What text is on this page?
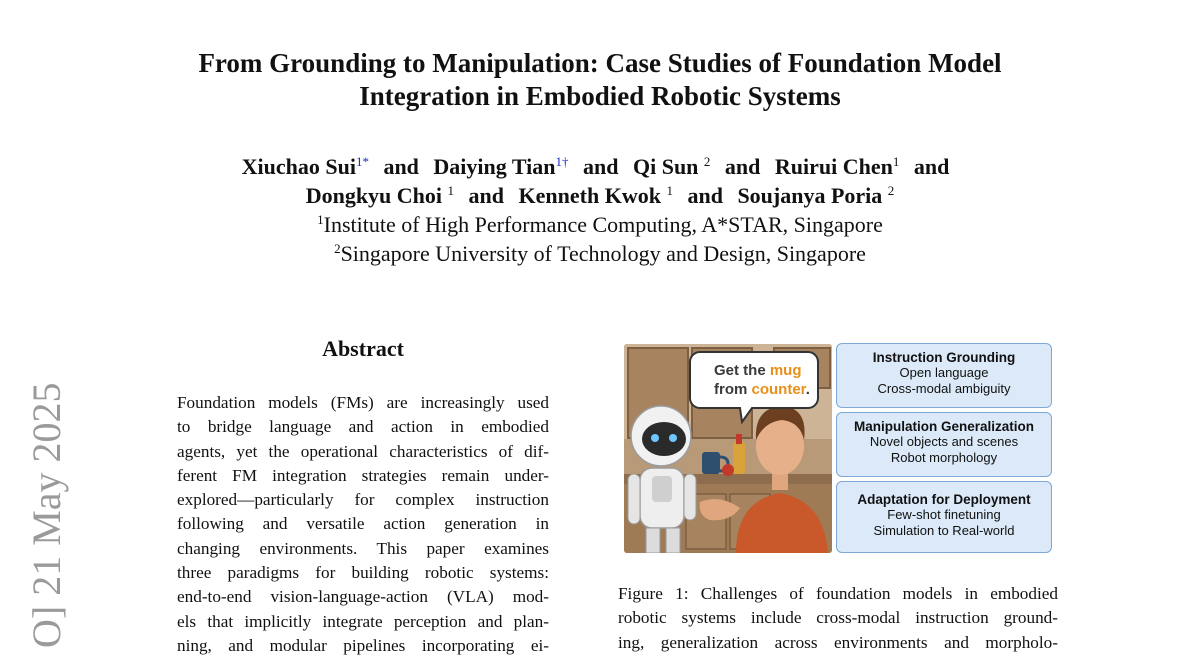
From Grounding to Manipulation: Case Studies of Foundation Model
Integration in Embodied Robotic Systems
Xiuchao Sui$^{1*}$ and Daiying Tian$^{1\dagger}$ and Qi Sun $^2$ and Ruirui Chen$^1$ and
Dongkyu Choi $^1$ and Kenneth Kwok $^1$ and Soujanya Poria $^2$
$^1$Institute of High Performance Computing, A*STAR, Singapore
$^2$Singapore University of Technology and Design, Singapore
O] 21 May 2025
Abstract
Foundation models (FMs) are increasingly used
to bridge language and action in embodied
agents, yet the operational characteristics of dif-
ferent FM integration strategies remain under-
explored—particularly for complex instruction
following and versatile action generation in
changing environments. This paper examines
three paradigms for building robotic systems:
end-to-end vision-language-action (VLA) mod-
els that implicitly integrate perception and plan-
ning, and modular pipelines incorporating ei-
Get the mug
from counter.
Instruction Grounding
Open language
Cross-modal ambiguity
Manipulation Generalization
Novel objects and scenes
Robot morphology
Adaptation for Deployment
Few-shot finetuning
Simulation to Real-world
Figure 1: Challenges of foundation models in embodied
robotic systems include cross-modal instruction ground-
ing, generalization across environments and morpholo-
